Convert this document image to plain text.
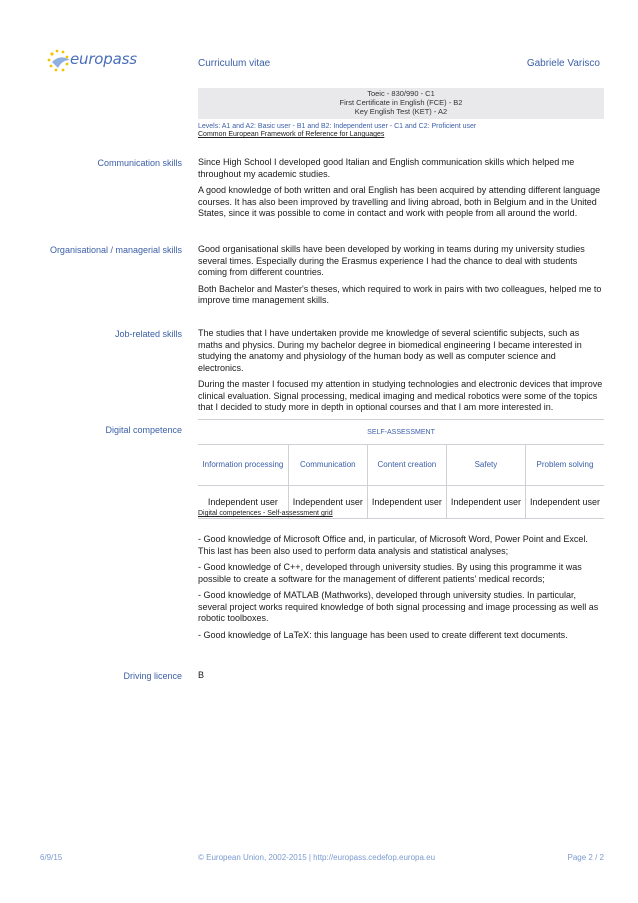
europass	Curriculum vitae	Gabriele Varisco
Toeic - 830/990 - C1
First Certificate in English (FCE) - B2
Key English Test (KET) - A2
Levels: A1 and A2: Basic user - B1 and B2: Independent user - C1 and C2: Proficient user
Common European Framework of Reference for Languages
Communication skills Since High School I developed good Italian and English communication skills which helped me throughout my academic studies.

A good knowledge of both written and oral English has been acquired by attending different language courses. It has also been improved by travelling and living abroad, both in Belgium and in the United States, since it was possible to come in contact and work with people from all around the world.

Organisational / managerial skills Good organisational skills have been developed by working in teams during my university studies several times. Especially during the Erasmus experience I had the chance to deal with students coming from different countries.

Both Bachelor and Master's theses, which required to work in pairs with two colleagues, helped me to improve time management skills.

Job-related skills The studies that I have undertaken provide me knowledge of several scientific subjects, such as maths and physics. During my bachelor degree in biomedical engineering I became interested in studying the anatomy and physiology of the human body as well as computer science and electronics.

During the master I focused my attention in studying technologies and electronic devices that improve clinical evaluation. Signal processing, medical imaging and medical robotics were some of the topics that I decided to study more in depth in optional courses and that I am more interested in.

Digital competence	SELF-ASSESSMENT				
Information processing	Communication	Content creation	Safety	Problem solving
Independent user	Independent user	Independent user	Independent user	Independent user
Digital competences - Self-assessment grid

- Good knowledge of Microsoft Office and, in particular, of Microsoft Word, Power Point and Excel. This last has been also used to perform data analysis and statistical analyses;

- Good knowledge of C++, developed through university studies. By using this programme it was possible to create a software for the management of different patients' medical records;

- Good knowledge of MATLAB (Mathworks), developed through university studies. In particular, several project works required knowledge of both signal processing and image processing as well as robotic toolboxes.

- Good knowledge of LaTeX: this language has been used to create different text documents.

Driving licence B
6/9/15	© European Union, 2002-2015 | http://europass.cedefop.europa.eu	Page 2 / 2
